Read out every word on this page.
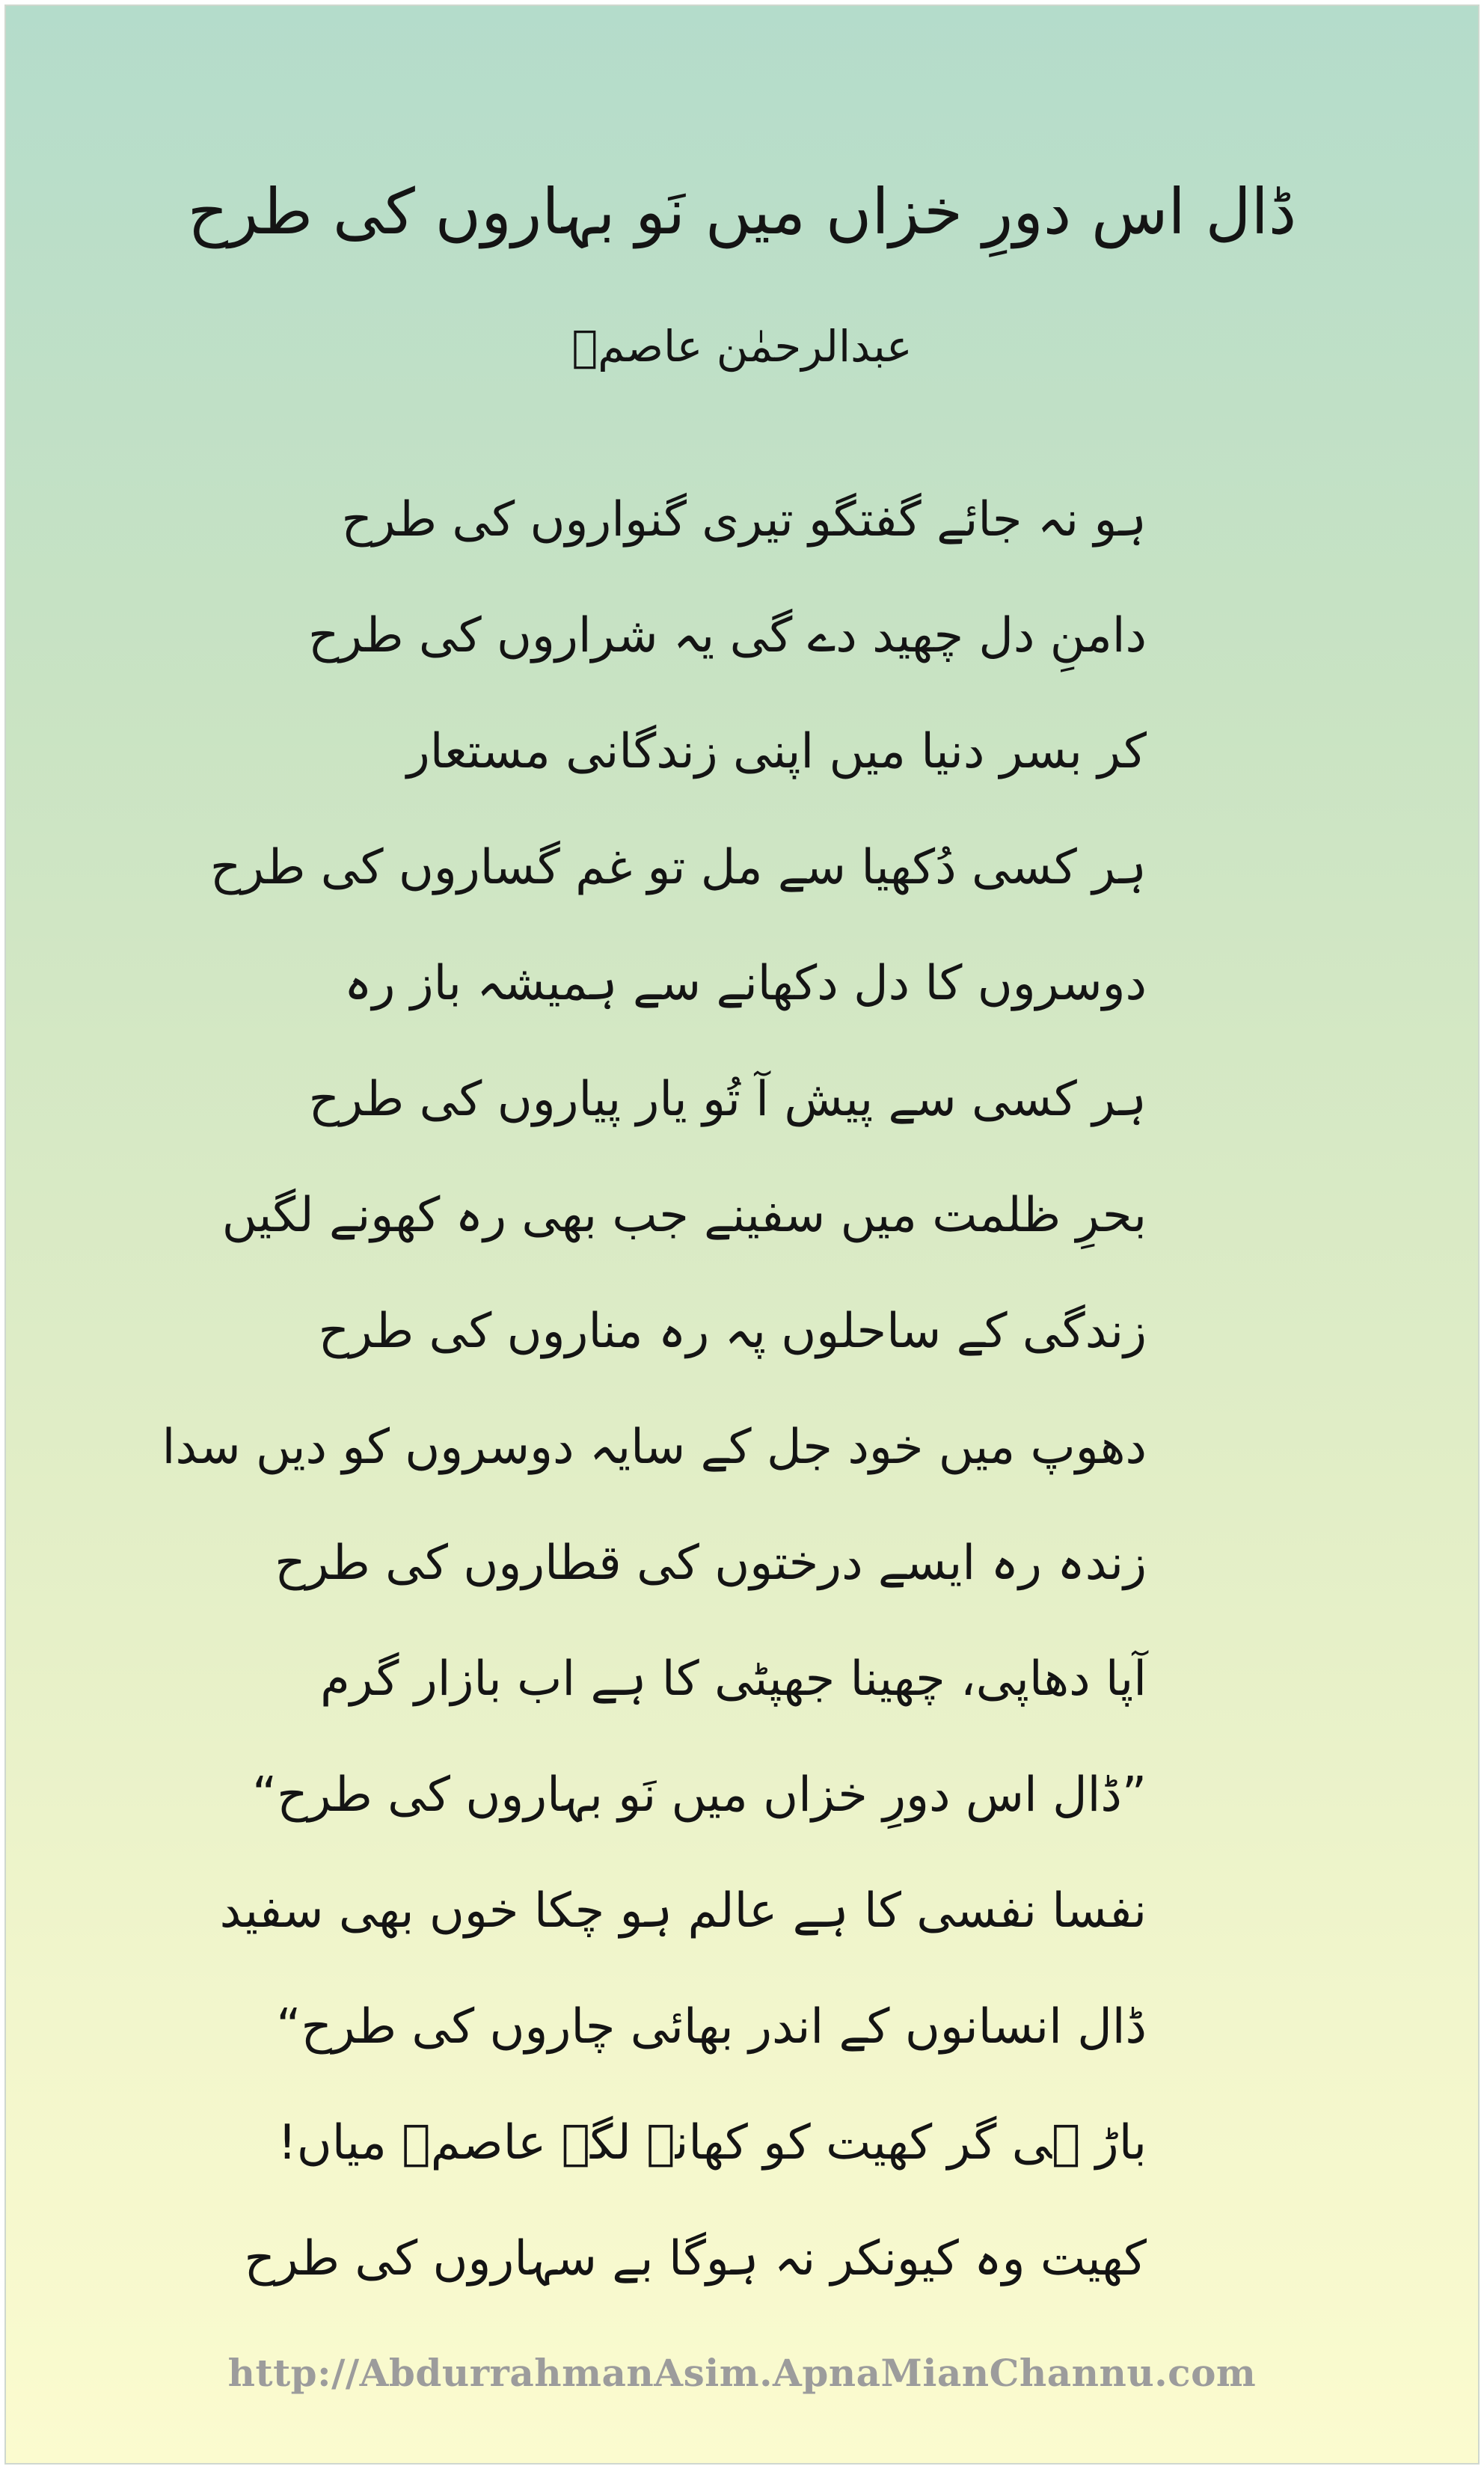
ڈال اس دورِ خزاں میں نَو بہاروں کی طرح
عبدالرحمٰن عاصمؔ
ہو نہ جائے گفتگو تیری گنواروں کی طرح
دامنِ دل چھید دے گی یہ شراروں کی طرح
کر بسر دنیا میں اپنی زندگانی مستعار
ہر کسی دُکھیا سے مل تو غم گساروں کی طرح
دوسروں کا دل دکھانے سے ہمیشہ باز رہ
ہر کسی سے پیش آ تُو یار پیاروں کی طرح
بحرِ ظلمت میں سفینے جب بھی رہ کھونے لگیں
زندگی کے ساحلوں پہ رہ مناروں کی طرح
دھوپ میں خود جل کے سایہ دوسروں کو دیں سدا
زندہ رہ ایسے درختوں کی قطاروں کی طرح
آپا دھاپی، چھینا جھپٹی کا ہے اب بازار گرم
”ڈال اس دورِ خزاں میں نَو بہاروں کی طرح“
نفسا نفسی کا ہے عالم ہو چکا خوں بھی سفید
ڈال انسانوں کے اندر بھائی چاروں کی طرح“
باڑ ہی گر کھیت کو کھانے لگے عاصمؔ میاں!
کھیت وہ کیونکر نہ ہوگا بے سہاروں کی طرح
http://AbdurrahmanAsim.ApnaMianChannu.com
